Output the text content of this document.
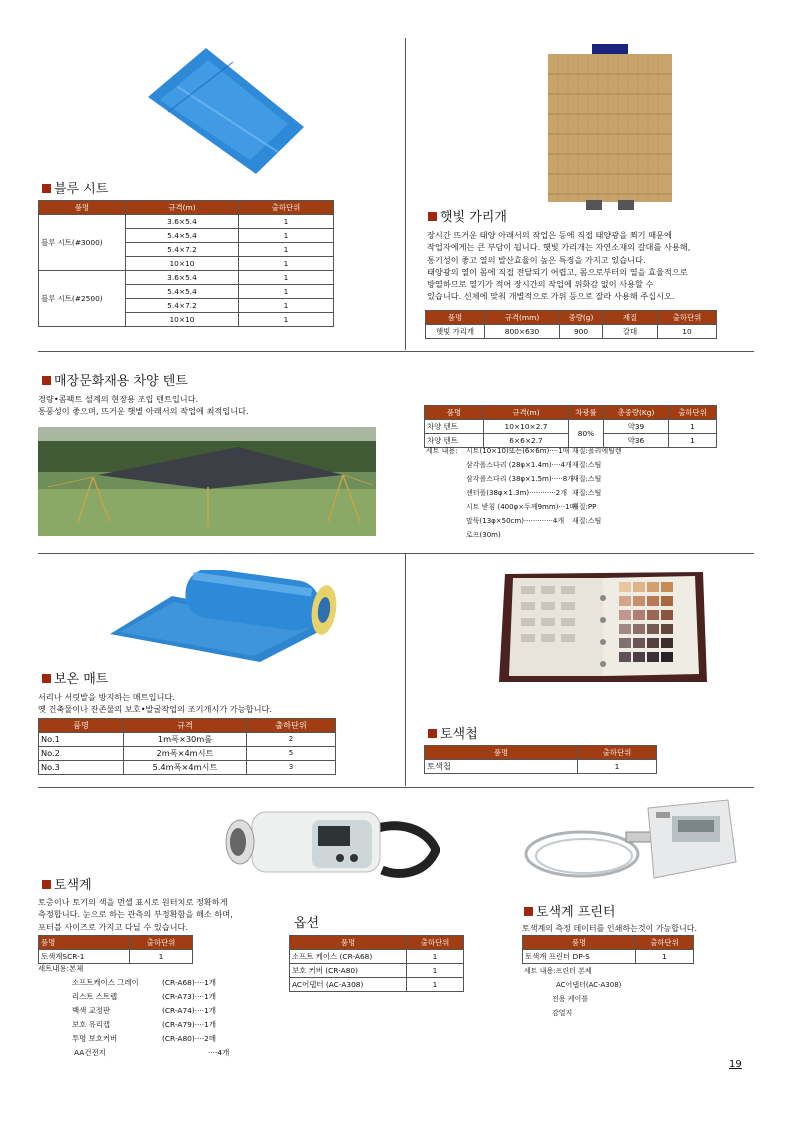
블루 시트
품명	규격(m)	출하단위
블루 시트(#3000)	3.6×5.4	1
	5.4×5.4	1
	5.4×7.2	1
	10×10	1
블루 시트(#2500)	3.6×5.4	1
	5.4×5.4	1
	5.4×7.2	1
	10×10	1
햇빛 가리개
장시간 뜨거운 태양 아래서의 작업은 등에 직접 태양광을 쬐기 때문에
작업자에게는 큰 부담이 됩니다. 햇빛 가리개는 자연소재의 갈대를 사용해,
통기성이 좋고 열의 발산효율이 높은 특징을 가지고 있습니다.
태양광의 열이 몸에 직접 전달되기 어렵고, 몸으로부터의 열을 효율적으로
방열하므로 열기가 적어 장시간의 작업에 위화감 없이 사용할 수
있습니다. 신체에 맞춰 개별적으로 가위 등으로 잘라 사용해 주십시오.
품명	규격(mm)	중량(g)	재질	출하단위
햇빛 가리개	800×630	900	갈대	10
매장문화재용 차양 텐트
경량•콤팩트 설계의 현장용 조립 텐트입니다.
통풍성이 좋으며, 뜨거운 햇볕 아래서의 작업에 최적입니다.	품명	규격(m)	차광률	총중량(Kg)	출하단위
차양 텐트	10×10×2.7	80%	약39	1
차양 텐트	6×6×2.7		약36	1
세트 내용: 시트(10×10)또는(6×6m)····1매 재질:폴리에틸렌
삼각폴스다리 (28φ×1.4m)····4개 재질:스틸
삼각폴스다리 (38φ×1.5m)·····8개
재질:스틸
센터폴(38φ×1.3m)············2개 재질:스틸
시트 받침 (400φ×두께9mm)···1매
재질:PP
말뚝(13φ×50cm)·············4개 재질:스틸
로프(30m)
보온 매트
서리나 서릿발을 방지하는 매트입니다.
옛 건축물이나 잔존물의 보호•발굴작업의 조기개시가 가능합니다.
품명	규격	출하단위
No.1	1m폭×30m롤	2
No.2	2m폭×4m시트	5
No.3	5.4m폭×4m시트	3
토색첩
품명	출하단위
토색첩	1
토색계
토층이나 토기의 색을 먼셀 표시로 원터치로 정확하게
측정합니다. 눈으로 하는 관측의 부정확함을 해소 하며,
포터블 사이즈로 가지고 다닐 수 있습니다.
품명	출하단위
토색계SCR-1	1
세트내용:본체
소프트케이스 그레이	(CR-A68)····1개
리스트 스트랩	(CR-A73)····1개
백색 교정판	(CR-A74)····1개
보호 유리캡	(CR-A79)····1개
투명 보호커버	(CR-A80)····2매
AA건전지	····4개
옵션
품명	출하단위
소프트 케이스 (CR-A68)	1
보호 커버 (CR-A80)	1
AC어댑터 (AC-A308)	1
토색계 프린터
토색계의 측정 데이터를 인쇄하는것이 가능합니다.
품명	출하단위
토색계 프린터 DP-S	1
세트 내용:프린터 본체
AC어댑터(AC-A308)
전용 케이블
감열지
19
